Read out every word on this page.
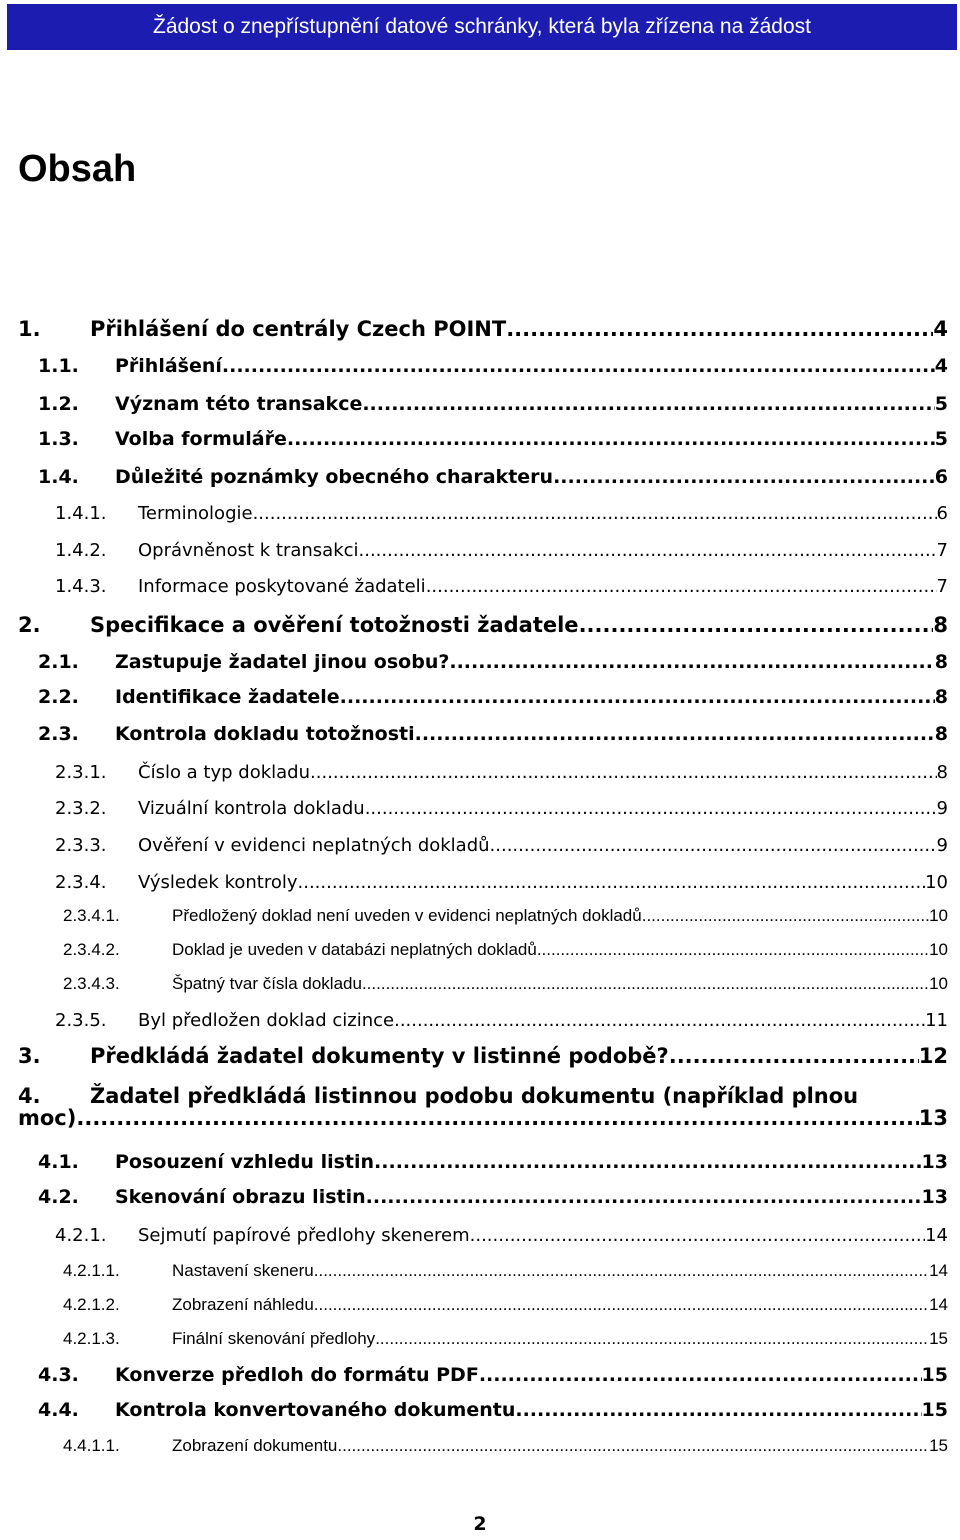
Žádost o znepřístupnění datové schránky, která byla zřízena na žádost
Obsah
1. Přihlášení do centrály Czech POINT .....	4
1.1. Přihlášení .....	4
1.2. Význam této transakce .....	5
1.3. Volba formuláře .....	5
1.4. Důležité poznámky obecného charakteru .....	6
1.4.1. Terminologie .....	6
1.4.2. Oprávněnost k transakci .....	7
1.4.3. Informace poskytované žadateli .....	7
2. Specifikace a ověření totožnosti žadatele .....	8
2.1. Zastupuje žadatel jinou osobu? .....	8
2.2. Identifikace žadatele .....	8
2.3. Kontrola dokladu totožnosti .....	8
2.3.1. Číslo a typ dokladu .....	8
2.3.2. Vizuální kontrola dokladu .....	9
2.3.3. Ověření v evidenci neplatných dokladů .....	9
2.3.4. Výsledek kontroly .....	10
2.3.4.1.	Předložený doklad není uveden v evidenci neplatných dokladů .....	10
2.3.4.2.	Doklad je uveden v databázi neplatných dokladů .....	10
2.3.4.3.	Špatný tvar čísla dokladu .....	10
2.3.5. Byl předložen doklad cizince .....	11
3. Předkládá žadatel dokumenty v listinné podobě? .....	12
4. Žadatel předkládá listinnou podobu dokumentu (například plnou
moc) .....	13
4.1. Posouzení vzhledu listin .....	13
4.2. Skenování obrazu listin .....	13
4.2.1. Sejmutí papírové předlohy skenerem .....	14
4.2.1.1.	Nastavení skeneru .....	14
4.2.1.2.	Zobrazení náhledu .....	14
4.2.1.3.	Finální skenování předlohy .....	15
4.3. Konverze předloh do formátu PDF .....	15
4.4. Kontrola konvertovaného dokumentu .....	15
4.4.1.1.	Zobrazení dokumentu .....	15
2
